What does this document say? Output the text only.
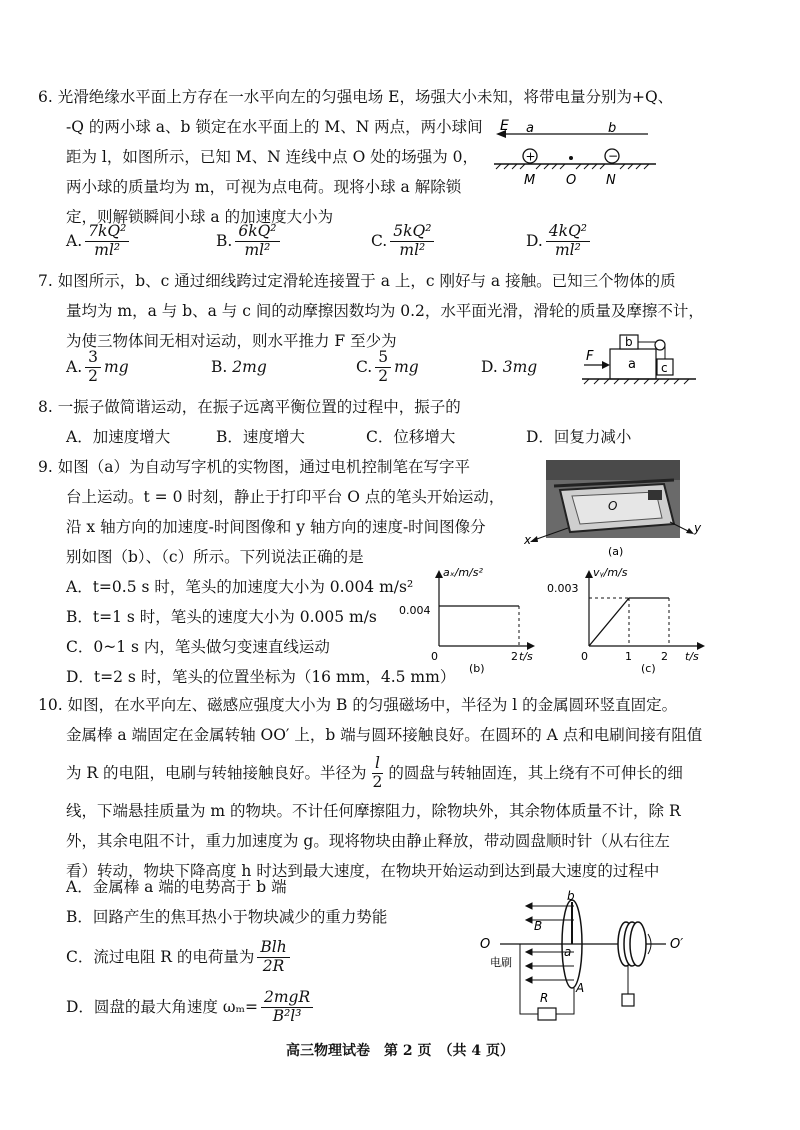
6. 光滑绝缘水平面上方存在一水平向左的匀强电场 E，场强大小未知，将带电量分别为+Q、
-Q 的两小球 a、b 锁定在水平面上的 M、N 两点，两小球间
距为 l，如图所示，已知 M、N 连线中点 O 处的场强为 0，
两小球的质量均为 m，可视为点电荷。现将小球 a 解除锁
定，则解锁瞬间小球 a 的加速度大小为
E a	b
+	−
M O N
A. $\frac{\text{7kQ²}}{\text{ml²}}$	B. $\frac{\text{6kQ²}}{\text{ml²}}$	C. $\frac{\text{5kQ²}}{\text{ml²}}$	D. $\frac{\text{4kQ²}}{\text{ml²}}$
7. 如图所示，b、c 通过细线跨过定滑轮连接置于 a 上，c 刚好与 a 接触。已知三个物体的质
量均为 m，a 与 b、a 与 c 间的动摩擦因数均为 0.2，水平面光滑，滑轮的质量及摩擦不计，
为使三物体间无相对运动，则水平推力 F 至少为
A. $\frac{3}{2}$ mg	B.
2mg	C. $\frac{5}{2}$ mg	D.
3mg
F
a
b
c
8. 一振子做简谐运动，在振子远离平衡位置的过程中，振子的
A．加速度增大	B．速度增大	C．位移增大	D．回复力减小
9. 如图（a）为自动写字机的实物图，通过电机控制笔在写字平
台上运动。t = 0 时刻，静止于打印平台 O 点的笔头开始运动，
沿 x 轴方向的加速度-时间图像和 y 轴方向的速度-时间图像分
别如图（b）、（c）所示。下列说法正确的是
A．t=0.5 s 时，笔头的加速度大小为 0.004 m/s²
B．t=1 s 时，笔头的速度大小为 0.005 m/s
C．0~1 s 内，笔头做匀变速直线运动
D．t=2 s 时，笔头的位置坐标为（16 mm，4.5 mm）
O
x
y
(a)
aₓ/m/s²
t/s
0.004
0	2
(b)
vᵧ/m/s
t/s
0.003
0	1	2
(c)
10. 如图，在水平向左、磁感应强度大小为 B 的匀强磁场中，半径为 l 的金属圆环竖直固定。
金属棒 a 端固定在金属转轴 OO′ 上，b 端与圆环接触良好。在圆环的 A 点和电刷间接有阻值
为 R 的电阻，电刷与转轴接触良好。半径为 $\frac{l}{2}$ 的圆盘与转轴固连，其上绕有不可伸长的细
线，下端悬挂质量为 m 的物块。不计任何摩擦阻力，除物块外，其余物体质量不计，除 R
外，其余电阻不计，重力加速度为 g。现将物块由静止释放，带动圆盘顺时针（从右往左
看）转动，物块下降高度 h 时达到最大速度，在物块开始运动到达到最大速度的过程中
A．金属棒 a 端的电势高于 b 端
B．回路产生的焦耳热小于物块减少的重力势能
C．流过电阻 R 的电荷量为 $\frac{\text{Blh}}{2R}$
D．圆盘的最大角速度 $\omega_m= \frac{\text{2mgR}}{\text{B²l³}}$
B
b
a
A
O	O′
电刷
R
高三物理试卷　第 2 页　（共 4 页）
